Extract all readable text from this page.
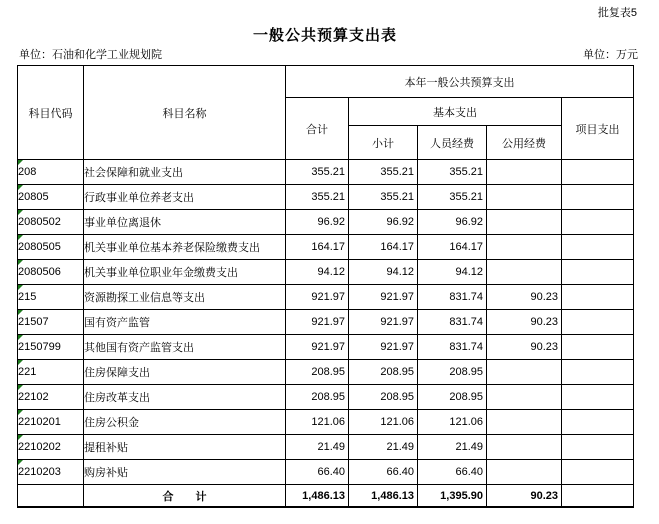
批复表5
一般公共预算支出表
单位：石油和化学工业规划院	单位：万元
科目代码	科目名称	本年一般公共预算支出				
		合计	基本支出			项目支出
			小计	人员经费	公用经费	

208	社会保障和就业支出	355.21	355.21	355.21		

20805	行政事业单位养老支出	355.21	355.21	355.21		

2080502	事业单位离退休	96.92	96.92	96.92		

2080505	机关事业单位基本养老保险缴费支出	164.17	164.17	164.17		

2080506	机关事业单位职业年金缴费支出	94.12	94.12	94.12		

215	资源勘探工业信息等支出	921.97	921.97	831.74	90.23	

21507	国有资产监管	921.97	921.97	831.74	90.23	

2150799	其他国有资产监管支出	921.97	921.97	831.74	90.23	

221	住房保障支出	208.95	208.95	208.95		

22102	住房改革支出	208.95	208.95	208.95		

2210201	住房公积金	121.06	121.06	121.06		

2210202	提租补贴	21.49	21.49	21.49		

2210203	购房补贴	66.40	66.40	66.40		
	合　　计	1,486.13	1,486.13	1,395.90	90.23	
